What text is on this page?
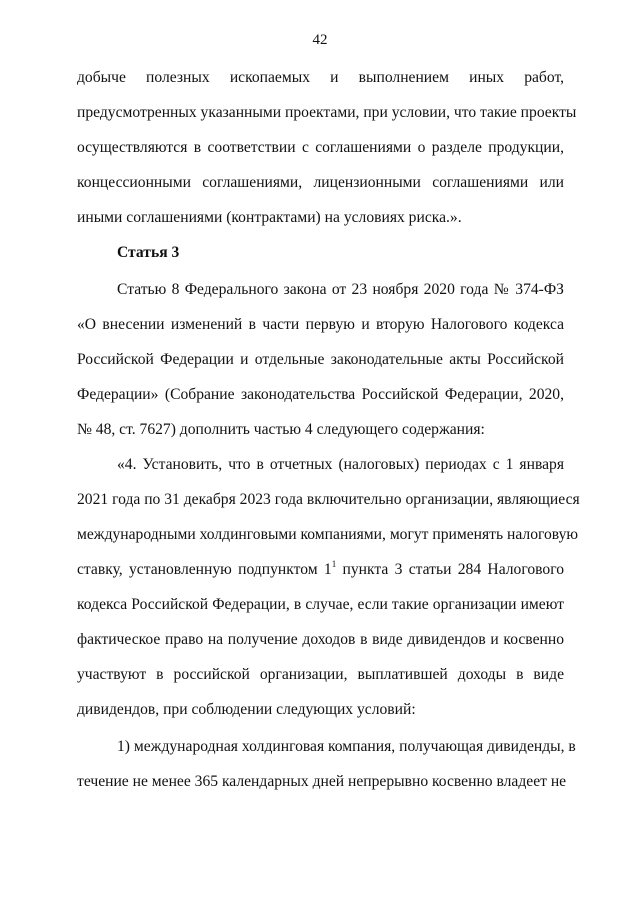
42
добыче полезных ископаемых и выполнением иных работ,
предусмотренных указанными проектами, при условии, что такие проекты
осуществляются в соответствии с соглашениями о разделе продукции,
концессионными соглашениями, лицензионными соглашениями или
иными соглашениями (контрактами) на условиях риска.».
Статья 3
Статью 8 Федерального закона от 23 ноября 2020 года № 374-ФЗ
«О внесении изменений в части первую и вторую Налогового кодекса
Российской Федерации и отдельные законодательные акты Российской
Федерации» (Собрание законодательства Российской Федерации, 2020,
№ 48, ст. 7627) дополнить частью 4 следующего содержания:
«4. Установить, что в отчетных (налоговых) периодах с 1 января
2021 года по 31 декабря 2023 года включительно организации, являющиеся
международными холдинговыми компаниями, могут применять налоговую
ставку, установленную подпунктом $1^1$ пункта 3 статьи 284 Налогового
кодекса Российской Федерации, в случае, если такие организации имеют
фактическое право на получение доходов в виде дивидендов и косвенно
участвуют в российской организации, выплатившей доходы в виде
дивидендов, при соблюдении следующих условий:
1) международная холдинговая компания, получающая дивиденды, в
течение не менее 365 календарных дней непрерывно косвенно владеет не
